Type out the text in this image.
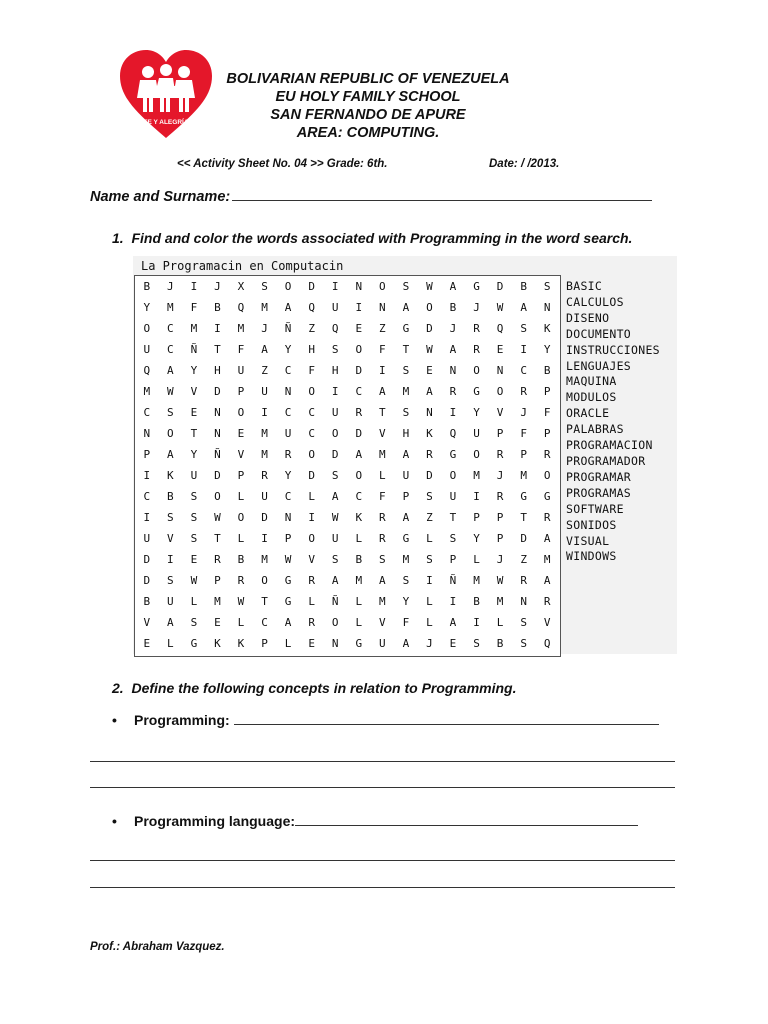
FE Y ALEGRÍA
BOLIVARIAN REPUBLIC OF VENEZUELA
EU HOLY FAMILY SCHOOL
SAN FERNANDO DE APURE
AREA: COMPUTING.
<< Activity Sheet No. 04 >> Grade: 6th.	Date: / /2013.
Name and Surname:
1. Find and color the words associated with Programming in the word search.
La Programacin en Computacin
B	J	I	J	X	S	O	D	I	N	O	S	W	A	G	D	B	S
Y	M	F	B	Q	M	A	Q	U	I	N	A	O	B	J	W	A	N
O	C	M	I	M	J	Ñ	Z	Q	E	Z	G	D	J	R	Q	S	K
U	C	Ñ	T	F	A	Y	H	S	O	F	T	W	A	R	E	I	Y
Q	A	Y	H	U	Z	C	F	H	D	I	S	E	N	O	N	C	B
M	W	V	D	P	U	N	O	I	C	A	M	A	R	G	O	R	P
C	S	E	N	O	I	C	C	U	R	T	S	N	I	Y	V	J	F
N	O	T	N	E	M	U	C	O	D	V	H	K	Q	U	P	F	P
P	A	Y	Ñ	V	M	R	O	D	A	M	A	R	G	O	R	P	R
I	K	U	D	P	R	Y	D	S	O	L	U	D	O	M	J	M	O
C	B	S	O	L	U	C	L	A	C	F	P	S	U	I	R	G	G
I	S	S	W	O	D	N	I	W	K	R	A	Z	T	P	P	T	R
U	V	S	T	L	I	P	O	U	L	R	G	L	S	Y	P	D	A
D	I	E	R	B	M	W	V	S	B	S	M	S	P	L	J	Z	M
D	S	W	P	R	O	G	R	A	M	A	S	I	Ñ	M	W	R	A
B	U	L	M	W	T	G	L	Ñ	L	M	Y	L	I	B	M	N	R
V	A	S	E	L	C	A	R	O	L	V	F	L	A	I	L	S	V
E	L	G	K	K	P	L	E	N	G	U	A	J	E	S	B	S	Q
BASIC
CALCULOS
DISENO
DOCUMENTO
INSTRUCCIONES
LENGUAJES
MAQUINA
MODULOS
ORACLE
PALABRAS
PROGRAMACION
PROGRAMADOR
PROGRAMAR
PROGRAMAS
SOFTWARE
SONIDOS
VISUAL
WINDOWS
2. Define the following concepts in relation to Programming.
• Programming:
• Programming language:
Prof.: Abraham Vazquez.
